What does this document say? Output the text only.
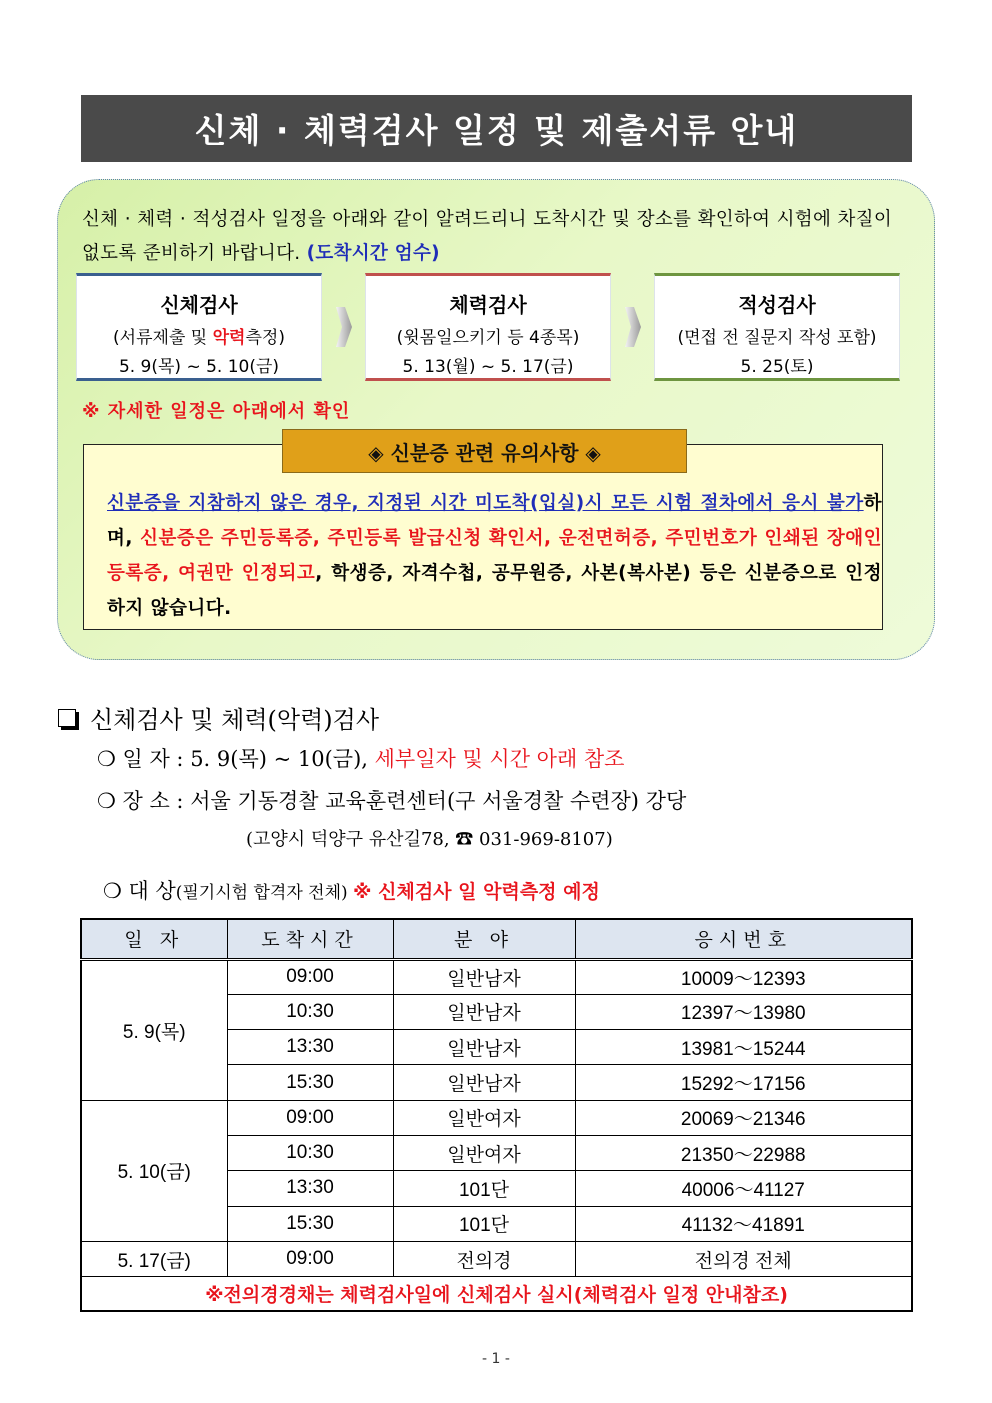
신체 · 체력검사 일정 및 제출서류 안내
신체 · 체력 · 적성검사 일정을 아래와 같이 알려드리니 도착시간 및 장소를 확인하여 시험에 차질이 없도록 준비하기 바랍니다. (도착시간 엄수)
신체검사
(서류제출 및 악력측정)
5. 9(목) ~ 5. 10(금)
체력검사
(윗몸일으키기 등 4종목)
5. 13(월) ~ 5. 17(금)
적성검사
(면접 전 질문지 작성 포함)
5. 25(토)
※ 자세한 일정은 아래에서 확인
◈ 신분증 관련 유의사항 ◈
신분증을 지참하지 않은 경우, 지정된 시간 미도착(입실)시 모든 시험 절차에서 응시 불가하며, 신분증은 주민등록증, 주민등록 발급신청 확인서, 운전면허증, 주민번호가 인쇄된 장애인 등록증, 여권만 인정되고, 학생증, 자격수첩, 공무원증, 사본(복사본) 등은 신분증으로 인정하지 않습니다.
신체검사 및 체력(악력)검사
❍ 일 자 : 5. 9(목) ~ 10(금), 세부일자 및 시간 아래 참조
❍ 장 소 : 서울 기동경찰 교육훈련센터(구 서울경찰 수련장) 강당
(고양시 덕양구 유산길78, ☎ 031-969-8107)
❍ 대 상(필기시험 합격자 전체) ※ 신체검사 일 악력측정 예정
일 자	도착시간	분 야	응시번호
5. 9(목)	09:00	일반남자	10009～12393
	10:30	일반남자	12397～13980
	13:30	일반남자	13981～15244
	15:30	일반남자	15292～17156
5. 10(금)	09:00	일반여자	20069～21346
	10:30	일반여자	21350～22988
	13:30	101단	40006～41127
	15:30	101단	41132～41891
5. 17(금)	09:00	전의경	전의경 전체
※전의경경채는 체력검사일에 신체검사 실시(체력검사 일정 안내참조)			
- 1 -
